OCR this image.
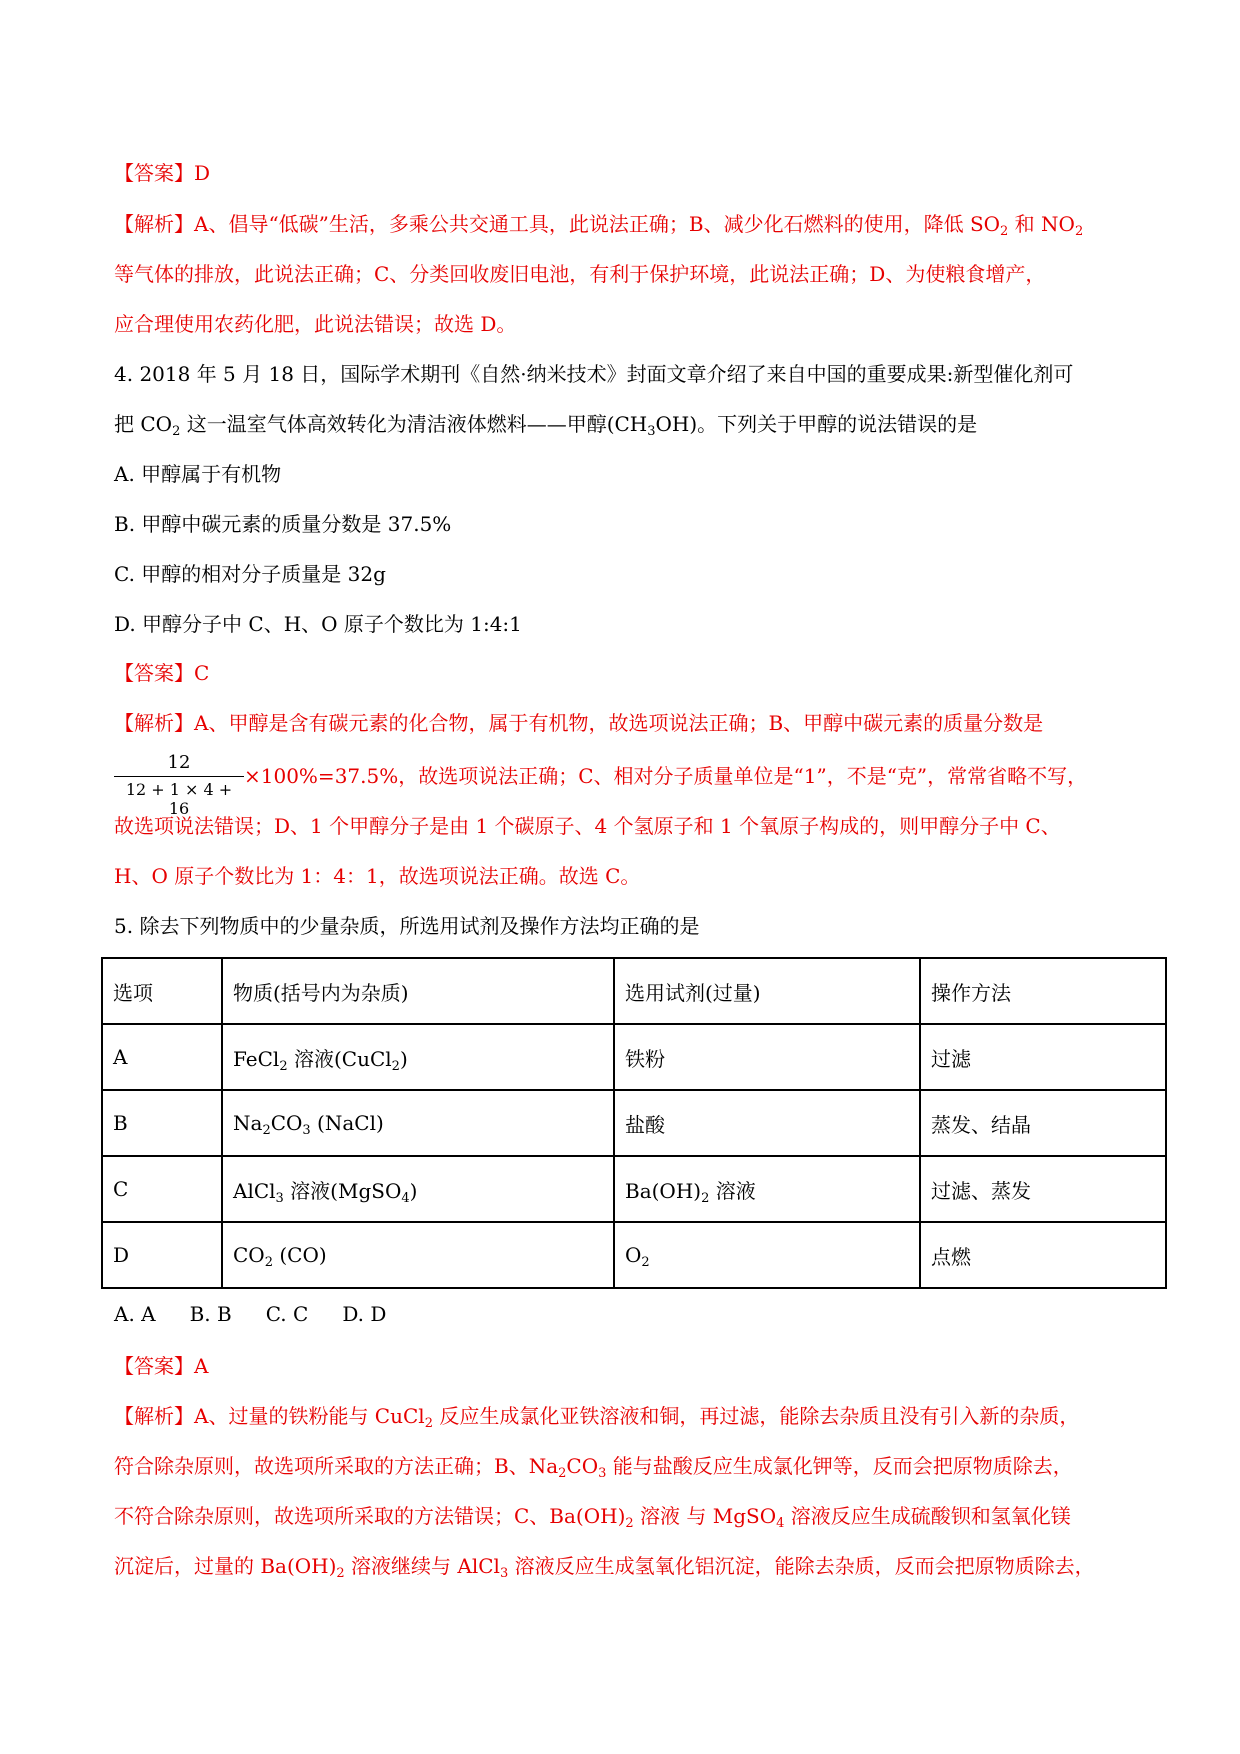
【答案】D
【解析】A、倡导“低碳”生活，多乘公共交通工具，此说法正确；B、减少化石燃料的使用，降低 $SO_2$ 和 $NO_2$
等气体的排放，此说法正确；C、分类回收废旧电池，有利于保护环境，此说法正确；D、为使粮食增产，
应合理使用农药化肥，此说法错误；故选 D。
4. 2018 年 5 月 18 日，国际学术期刊《自然·纳米技术》封面文章介绍了来自中国的重要成果:新型催化剂可
把 $CO_2$ 这一温室气体高效转化为清洁液体燃料——甲醇$(CH_3OH)$。下列关于甲醇的说法错误的是
A. 甲醇属于有机物
B. 甲醇中碳元素的质量分数是 37.5%
C. 甲醇的相对分子质量是 32g
D. 甲醇分子中 C、H、O 原子个数比为 1:4:1
【答案】C
【解析】A、甲醇是含有碳元素的化合物，属于有机物，故选项说法正确；B、甲醇中碳元素的质量分数是
12
12 + 1 × 4 + 16
×100%=37.5%，故选项说法正确；C、相对分子质量单位是“1”，不是“克”，常常省略不写，
故选项说法错误；D、1 个甲醇分子是由 1 个碳原子、4 个氢原子和 1 个氧原子构成的，则甲醇分子中 C、
H、O 原子个数比为 1：4：1，故选项说法正确。故选 C。
5. 除去下列物质中的少量杂质，所选用试剂及操作方法均正确的是
选项	物质(括号内为杂质)	选用试剂(过量)	操作方法
A	FeCl$_2$ 溶液(CuCl$_2$)	铁粉	过滤
B	$Na_2CO_3$ (NaCl)	盐酸	蒸发、结晶
C	AlCl$_3$ 溶液(MgSO$_4$)	$Ba(OH)_2$ 溶液	过滤、蒸发
D	$CO_2$ (CO)	$O_2$	点燃
A. A B. B C. C D. D
【答案】A
【解析】A、过量的铁粉能与 CuCl$_2$ 反应生成氯化亚铁溶液和铜，再过滤，能除去杂质且没有引入新的杂质，
符合除杂原则，故选项所采取的方法正确；B、$Na_2CO_3$ 能与盐酸反应生成氯化钾等，反而会把原物质除去，
不符合除杂原则，故选项所采取的方法错误；C、$Ba(OH)_2$ 溶液 与 MgSO$_4$ 溶液反应生成硫酸钡和氢氧化镁
沉淀后，过量的 $Ba(OH)_2$ 溶液继续与 AlCl$_3$ 溶液反应生成氢氧化铝沉淀，能除去杂质，反而会把原物质除去，
